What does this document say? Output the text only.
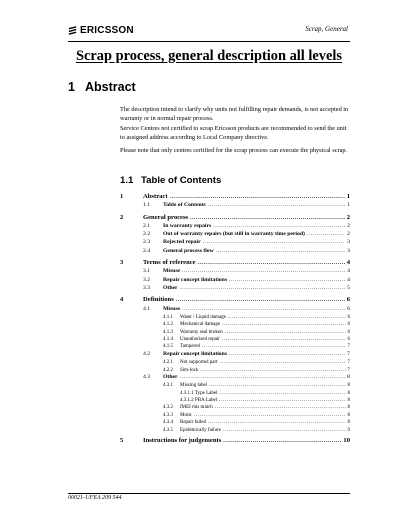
ERICSSON	Scrap, General
Scrap process, general description all levels
1 Abstract
The description intend to clarify why units not fulfilling repair demands, is not accepted in warranty or in normal repair process.
Service Centres not certified to scrap Ericsson products are recommended to send the unit to assigned address according to Local Company directive.
Please note that only centres certified for the scrap process can execute the physical scrap.
1.1 Table of Contents
1	Abstract .....	1
1.1	Table of Contents .....	1
2	General process .....	2
2.1	In warranty repairs .....	2
2.2	Out of warranty repairs (but still in warranty time period) .....	2
2.3	Rejected repair .....	3
2.4	General process flow .....	3
3	Terms of reference .....	4
3.1	Misuse .....	4
3.2	Repair concept limitations .....	4
3.3	Other .....	5
4	Definitions .....	6
4.1	Misuse .....	6
4.1.1	Water / Liquid damage .....	6
4.1.2	Mechanical damage .....	6
4.1.3	Warranty seal broken .....	6
4.1.4	Unauthorised repair .....	6
4.1.5	Tampered .....	7
4.2	Repair concept limitations .....	7
4.2.1	Not supported part .....	7
4.2.2	Sim-lock .....	7
4.3	Other .....	8
4.3.1	Missing label .....	8
4.3.1.1 Type Label .....	8
4.3.1.2 PBA Label .....	8
4.3.2	IMEI mis match .....	8
4.3.3	Moist .....	8
4.3.4	Repair failed .....	8
4.3.5	Epidemically failure .....	9
5	Instructions for judgements .....	10
00021-1/FEA 209 544
